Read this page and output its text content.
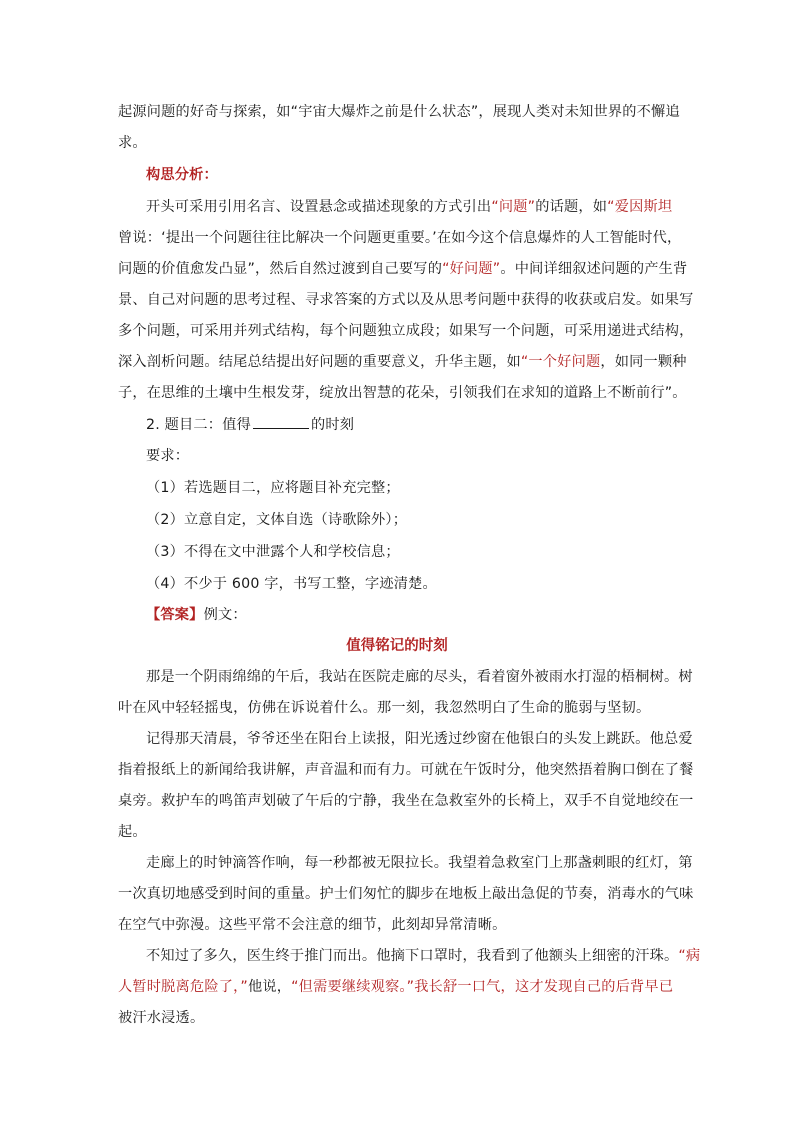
起源问题的好奇与探索，如“宇宙大爆炸之前是什么状态”，展现人类对未知世界的不懈追
求。
构思分析：
开头可采用引用名言、设置悬念或描述现象的方式引出“问题”的话题，如“爱因斯坦
曾说：‘提出一个问题往往比解决一个问题更重要。’在如今这个信息爆炸的人工智能时代，
问题的价值愈发凸显”，然后自然过渡到自己要写的“好问题”。中间详细叙述问题的产生背
景、自己对问题的思考过程、寻求答案的方式以及从思考问题中获得的收获或启发。如果写
多个问题，可采用并列式结构，每个问题独立成段；如果写一个问题，可采用递进式结构，
深入剖析问题。结尾总结提出好问题的重要意义，升华主题，如“一个好问题，如同一颗种
子，在思维的土壤中生根发芽，绽放出智慧的花朵，引领我们在求知的道路上不断前行”。
2. 题目二：值得	的时刻
要求：
（1）若选题目二，应将题目补充完整；
（2）立意自定，文体自选（诗歌除外）；
（3）不得在文中泄露个人和学校信息；
（4）不少于 600 字，书写工整，字迹清楚。
【答案】例文：
值得铭记的时刻
那是一个阴雨绵绵的午后，我站在医院走廊的尽头，看着窗外被雨水打湿的梧桐树。树
叶在风中轻轻摇曳，仿佛在诉说着什么。那一刻，我忽然明白了生命的脆弱与坚韧。
记得那天清晨，爷爷还坐在阳台上读报，阳光透过纱窗在他银白的头发上跳跃。他总爱
指着报纸上的新闻给我讲解，声音温和而有力。可就在午饭时分，他突然捂着胸口倒在了餐
桌旁。救护车的鸣笛声划破了午后的宁静，我坐在急救室外的长椅上，双手不自觉地绞在一
起。
走廊上的时钟滴答作响，每一秒都被无限拉长。我望着急救室门上那盏刺眼的红灯，第
一次真切地感受到时间的重量。护士们匆忙的脚步在地板上敲出急促的节奏，消毒水的气味
在空气中弥漫。这些平常不会注意的细节，此刻却异常清晰。
不知过了多久，医生终于推门而出。他摘下口罩时，我看到了他额头上细密的汗珠。“病
人暂时脱离危险了，”他说，“但需要继续观察。”我长舒一口气，这才发现自己的后背早已
被汗水浸透。
